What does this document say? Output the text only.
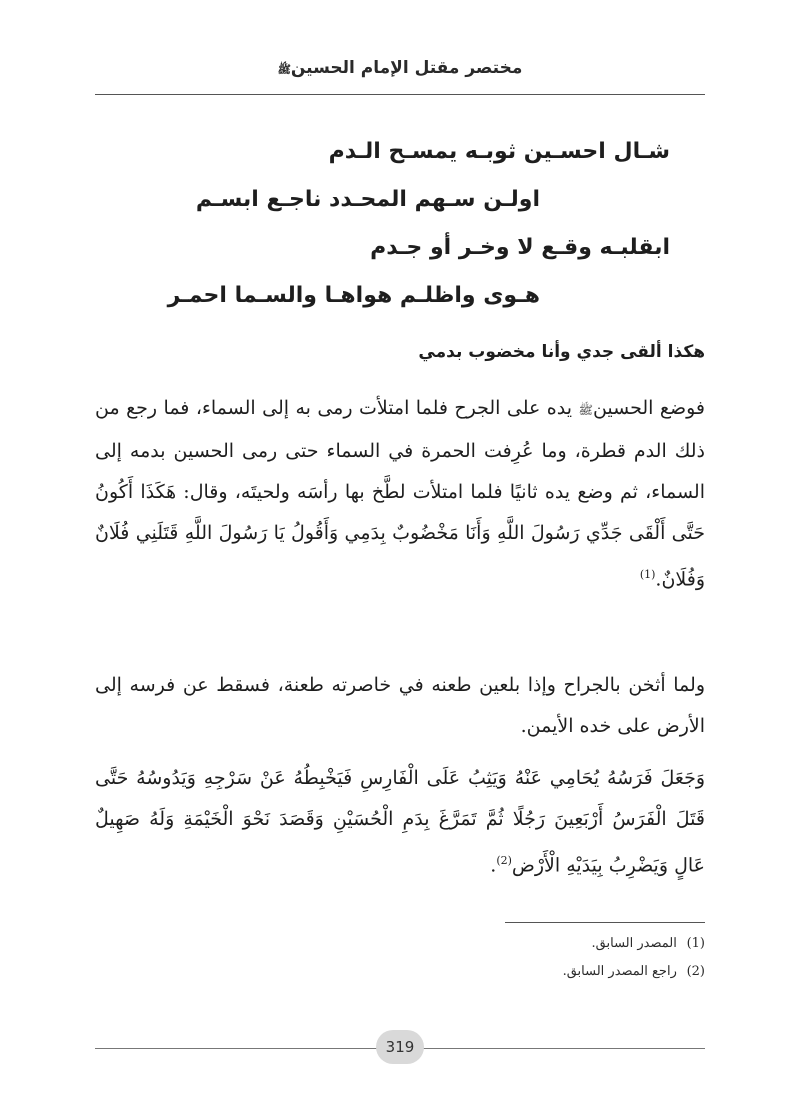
مختصر مقتل الإمام الحسينﷺ
شـال احسـين ثوبـه يمسـح الـدم
اولـن سـهم المحـدد ناجـع ابسـم
ابقلبـه وقـع لا وخـر أو جـدم
هـوى واظلـم هواهـا والسـما احمـر
هكذا ألقى جدي وأنا مخضوب بدمي
فوضع الحسينﷺ يده على الجرح فلما امتلأت رمى به إلى السماء، فما رجع من ذلك الدم قطرة، وما عُرِفت الحمرة في السماء حتى رمى الحسين بدمه إلى السماء، ثم وضع يده ثانيًا فلما امتلأت لطَّخ بها رأسَه ولحيتَه، وقال: هَكَذَا أَكُونُ حَتَّى أَلْقَى جَدِّي رَسُولَ اللَّهِ وَأَنَا مَخْضُوبٌ بِدَمِي وَأَقُولُ يَا رَسُولَ اللَّهِ قَتَلَنِي فُلَانٌ وَفُلَانٌ.$^{(1)}$
ولما أثخن بالجراح وإذا بلعين طعنه في خاصرته طعنة، فسقط عن فرسه إلى الأرض على خده الأيمن.
وَجَعَلَ فَرَسُهُ يُحَامِي عَنْهُ وَيَثِبُ عَلَى الْفَارِسِ فَيَخْبِطُهُ عَنْ سَرْجِهِ وَيَدُوسُهُ حَتَّى قَتَلَ الْفَرَسُ أَرْبَعِينَ رَجُلًا ثُمَّ تَمَرَّغَ بِدَمِ الْحُسَيْنِ وَقَصَدَ نَحْوَ الْخَيْمَةِ وَلَهُ صَهِيلٌ عَالٍ وَيَضْرِبُ بِيَدَيْهِ الْأَرْض$^{(2)}$.
(1) المصدر السابق.
(2) راجع المصدر السابق.
319
